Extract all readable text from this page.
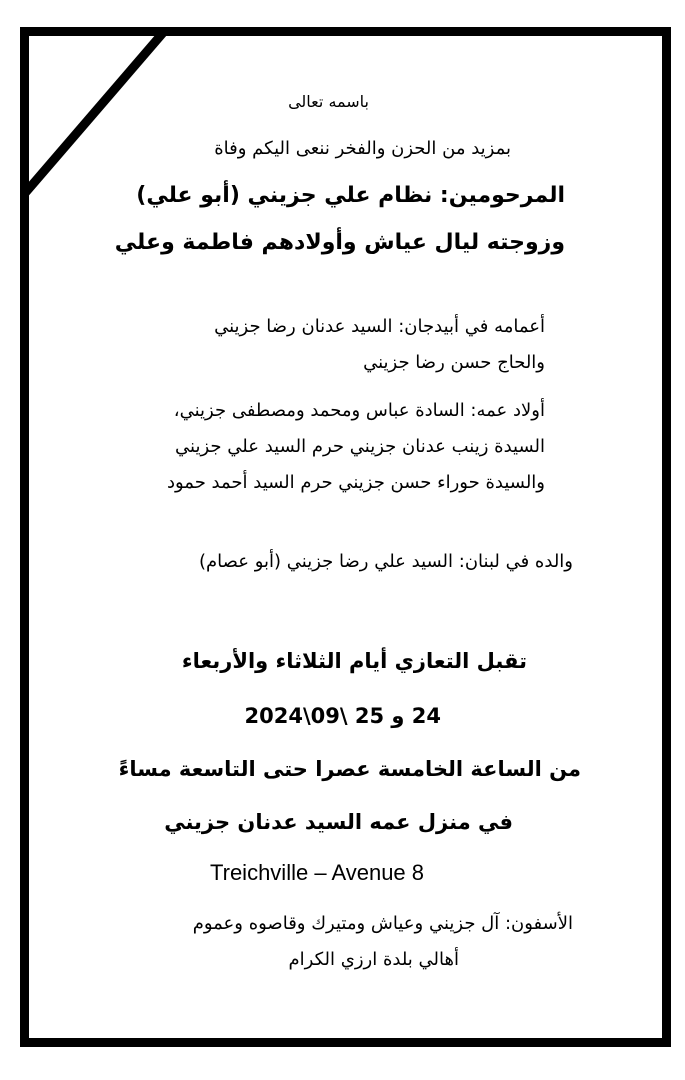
باسمه تعالى
بمزيد من الحزن والفخر ننعى اليكم وفاة
المرحومين: نظام علي جزيني (أبو علي)
وزوجته ليال عياش وأولادهم فاطمة وعلي
أعمامه في أبيدجان: السيد عدنان رضا جزيني
والحاج حسن رضا جزيني
أولاد عمه: السادة عباس ومحمد ومصطفى جزيني،
السيدة زينب عدنان جزيني حرم السيد علي جزيني
والسيدة حوراء حسن جزيني حرم السيد أحمد حمود
والده في لبنان: السيد علي رضا جزيني (أبو عصام)
تقبل التعازي أيام الثلاثاء والأربعاء
24 و 25 \09\2024
من الساعة الخامسة عصرا حتى التاسعة مساءً
في منزل عمه السيد عدنان جزيني
Treichville – Avenue 8
الأسفون: آل جزيني وعياش ومتيرك وقاصوه وعموم
أهالي بلدة ارزي الكرام
